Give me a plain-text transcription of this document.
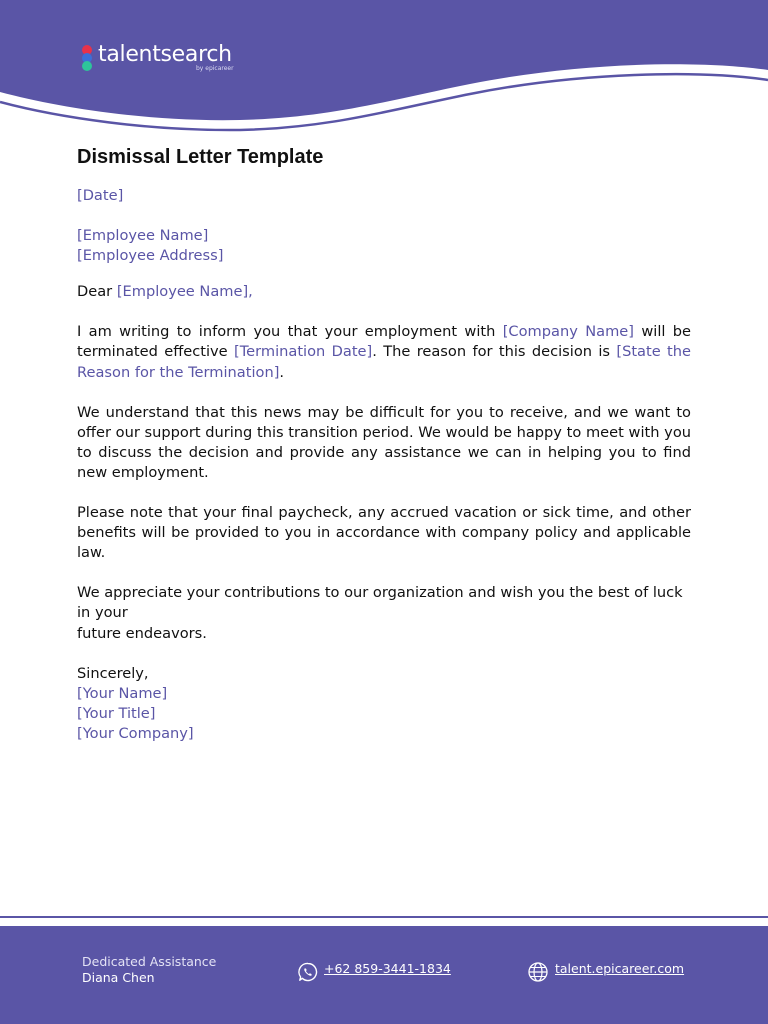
talentsearch
by epicareer
Dismissal Letter Template

[Date]

[Employee Name]

[Employee Address]

Dear [Employee Name],

I am writing to inform you that your employment with [Company Name] will be terminated effective [Termination Date]. The reason for this decision is [State the Reason for the Termination].

We understand that this news may be difficult for you to receive, and we want to offer our support during this transition period. We would be happy to meet with you to discuss the decision and provide any assistance we can in helping you to find new employment.

Please note that your final paycheck, any accrued vacation or sick time, and other benefits will be provided to you in accordance with company policy and applicable law.

We appreciate your contributions to our organization and wish you the best of luck in your
future endeavors.

Sincerely,

[Your Name]

[Your Title]

[Your Company]

Dedicated Assistance
Diana Chen
+62 859-3441-1834	talent.epicareer.com
